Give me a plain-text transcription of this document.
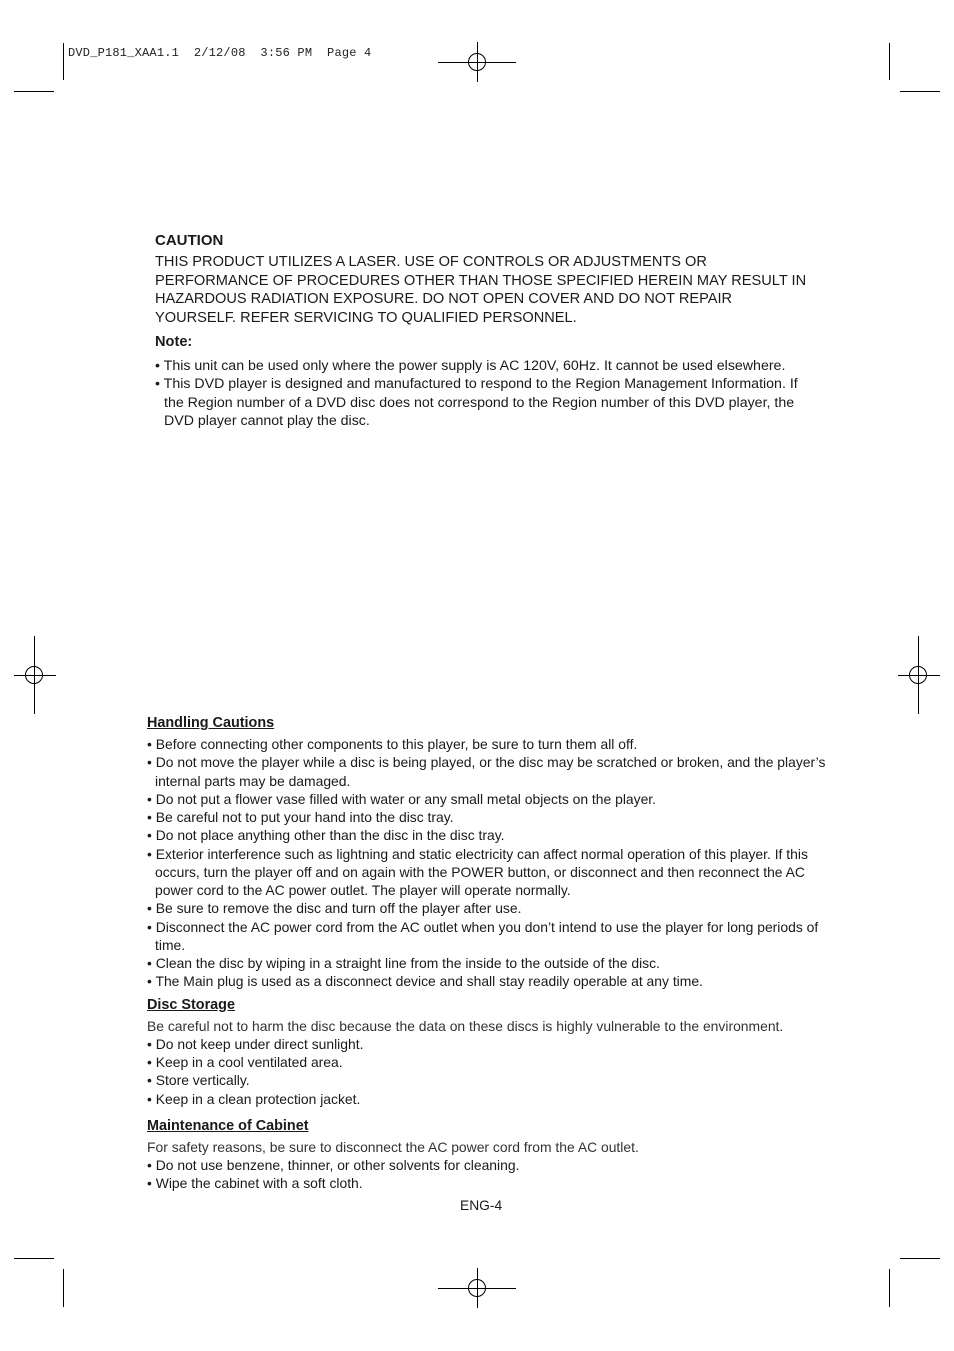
DVD_P181_XAA1.1  2/12/08  3:56 PM  Page 4
CAUTION

THIS PRODUCT UTILIZES A LASER. USE OF CONTROLS OR ADJUSTMENTS OR PERFORMANCE OF PROCEDURES OTHER THAN THOSE SPECIFIED HEREIN MAY RESULT IN HAZARDOUS RADIATION EXPOSURE. DO NOT OPEN COVER AND DO NOT REPAIR YOURSELF. REFER SERVICING TO QUALIFIED PERSONNEL.

Note:
• This unit can be used only where the power supply is AC 120V, 60Hz. It cannot be used elsewhere.
• This DVD player is designed and manufactured to respond to the Region Management Information. If the Region number of a DVD disc does not correspond to the Region number of this DVD player, the DVD player cannot play the disc.
Handling Cautions
• Before connecting other components to this player, be sure to turn them all off.
• Do not move the player while a disc is being played, or the disc may be scratched or broken, and the player’s internal parts may be damaged.
• Do not put a flower vase filled with water or any small metal objects on the player.
• Be careful not to put your hand into the disc tray.
• Do not place anything other than the disc in the disc tray.
• Exterior interference such as lightning and static electricity can affect normal operation of this player. If this occurs, turn the player off and on again with the POWER button, or disconnect and then reconnect the AC power cord to the AC power outlet. The player will operate normally.
• Be sure to remove the disc and turn off the player after use.
• Disconnect the AC power cord from the AC outlet when you don’t intend to use the player for long periods of time.
• Clean the disc by wiping in a straight line from the inside to the outside of the disc.
• The Main plug is used as a disconnect device and shall stay readily operable at any time.
Disc Storage

Be careful not to harm the disc because the data on these discs is highly vulnerable to the environment.

• Do not keep under direct sunlight.
• Keep in a cool ventilated area.
• Store vertically.
• Keep in a clean protection jacket.
Maintenance of Cabinet

For safety reasons, be sure to disconnect the AC power cord from the AC outlet.

• Do not use benzene, thinner, or other solvents for cleaning.
• Wipe the cabinet with a soft cloth.
ENG-4
